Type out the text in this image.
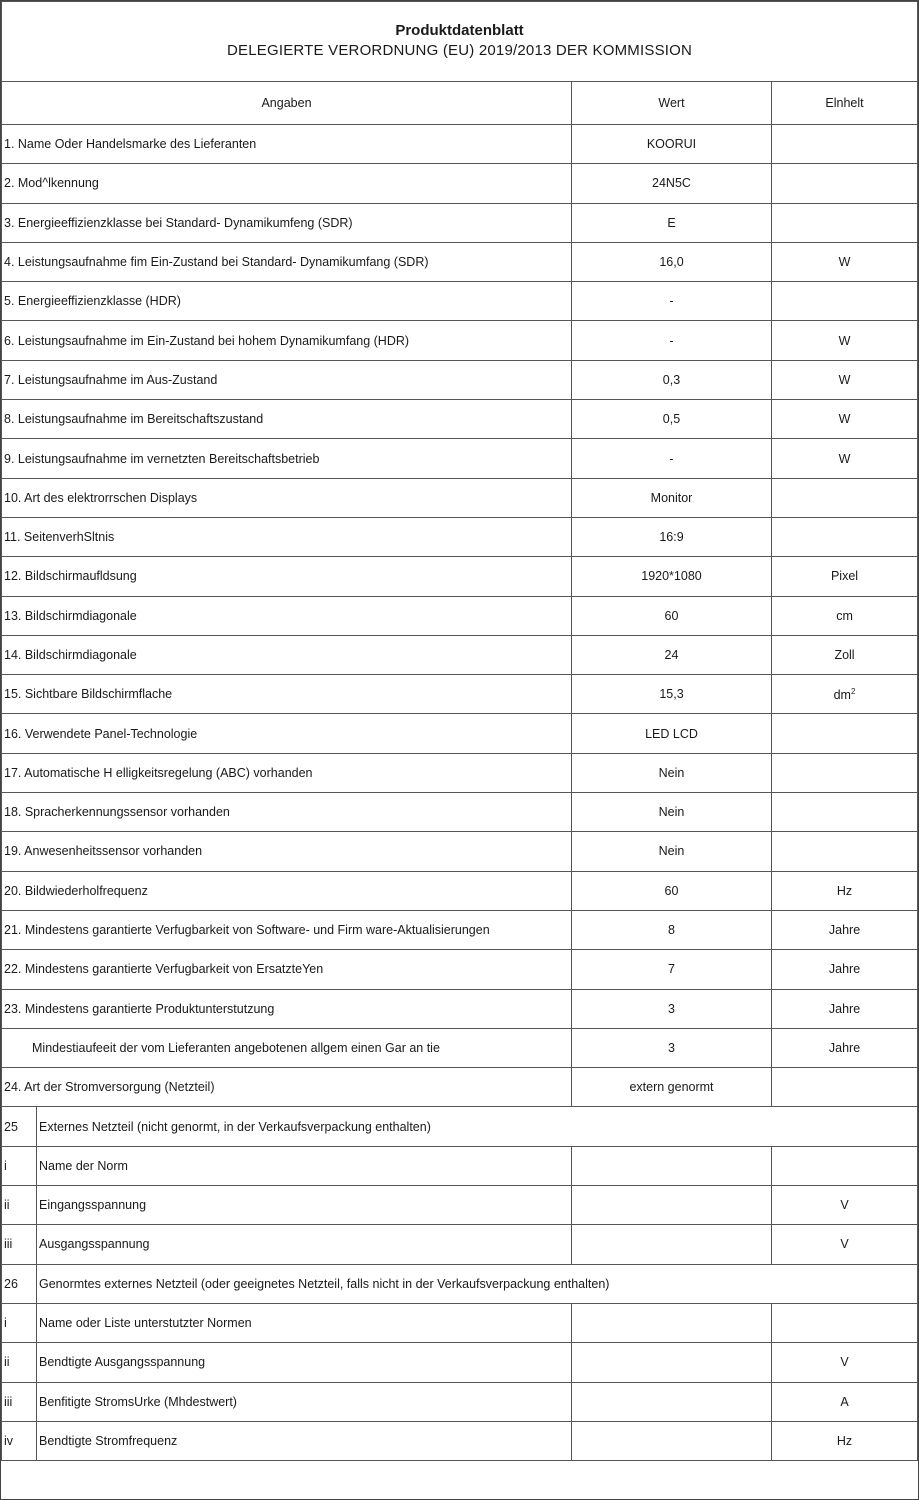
Produktdatenblatt
DELEGIERTE VERORDNUNG (EU) 2019/2013 DER KOMMISSION			

Angaben		Wert	Elnhelt
1. Name Oder Handelsmarke des Lieferanten		KOORUI	
2. Mod^lkennung		24N5C	
3. Energieeffizienzklasse bei Standard- Dynamikumfeng (SDR)		E	
4. Leistungsaufnahme fim Ein-Zustand bei Standard- Dynamikumfang (SDR)		16,0	W
5. Energieeffizienzklasse (HDR)		-	
6. Leistungsaufnahme im Ein-Zustand bei hohem Dynamikumfang (HDR)		-	W
7. Leistungsaufnahme im Aus-Zustand		0,3	W
8. Leistungsaufnahme im Bereitschaftszustand		0,5	W
9. Leistungsaufnahme im vernetzten Bereitschaftsbetrieb		-	W
10. Art des elektrorrschen Displays		Monitor	
11. SeitenverhSltnis		16:9	
12. Bildschirmaufldsung		1920*1080	Pixel
13. Bildschirmdiagonale		60	cm
14. Bildschirmdiagonale		24	Zoll
15. Sichtbare Bildschirmflache		15,3	$dm^2$
16. Verwendete Panel-Technologie		LED LCD	
17. Automatische H elligkeitsregelung (ABC) vorhanden		Nein	
18. Spracherkennungssensor vorhanden		Nein	
19. Anwesenheitssensor vorhanden		Nein	
20. Bildwiederholfrequenz		60	Hz
21. Mindestens garantierte Verfugbarkeit von Software- und Firm ware-Aktualisierungen		8	Jahre
22. Mindestens garantierte Verfugbarkeit von ErsatzteYen		7	Jahre
23. Mindestens garantierte Produktunterstutzung		3	Jahre
Mindestiaufeeit der vom Lieferanten angebotenen allgem einen Gar an tie		3	Jahre
24. Art der Stromversorgung (Netzteil)		extern genormt	
25	Externes Netzteil (nicht genormt, in der Verkaufsverpackung enthalten)		
i	Name der Norm		
ii	Eingangsspannung		V
iii	Ausgangsspannung		V
26	Genormtes externes Netzteil (oder geeignetes Netzteil, falls nicht in der Verkaufsverpackung enthalten)		
i	Name oder Liste unterstutzter Normen		
ii	Bendtigte Ausgangsspannung		V
iii	Benfitigte StromsUrke (Mhdestwert)		A
iv	Bendtigte Stromfrequenz		Hz
